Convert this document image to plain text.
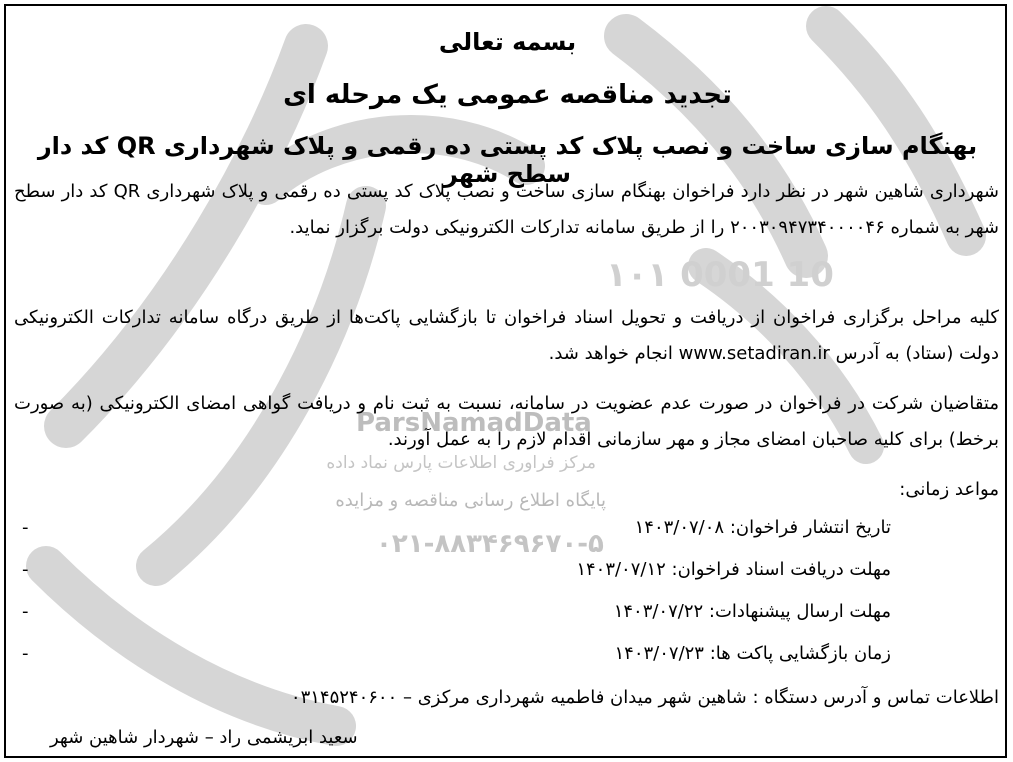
ParsNamadData
۱۰۱ 0001 10
مرکز فراوری اطلاعات پارس نماد داده
پایگاه اطلاع رسانی مناقصه و مزایده
۰۲۱-۸۸۳۴۶۹۶۷۰-۵

بسمه تعالی

تجدید مناقصه عمومی یک مرحله ای

بهنگام سازی ساخت و نصب پلاک کد پستی ده رقمی و پلاک شهرداری QR کد دار سطح شهر

شهرداری شاهین شهر در نظر دارد فراخوان بهنگام سازی ساخت و نصب پلاک کد پستی ده رقمی و پلاک شهرداری QR کد دار سطح شهر به شماره ۲۰۰۳۰۹۴۷۳۴۰۰۰۰۴۶ را از طریق سامانه تدارکات الکترونیکی دولت برگزار نماید.
کلیه مراحل برگزاری فراخوان از دریافت و تحویل اسناد فراخوان تا بازگشایی پاکت‌ها از طریق درگاه سامانه تدارکات الکترونیکی دولت (ستاد) به آدرس www.setadiran.ir انجام خواهد شد.
متقاضیان شرکت در فراخوان در صورت عدم عضویت در سامانه، نسبت به ثبت نام و دریافت گواهی امضای الکترونیکی (به صورت برخط) برای کلیه صاحبان امضای مجاز و مهر سازمانی اقدام لازم را به عمل آورند.
مواعد زمانی:
-	تاریخ انتشار فراخوان: ۱۴۰۳/۰۷/۰۸
-	مهلت دریافت اسناد فراخوان: ۱۴۰۳/۰۷/۱۲
-	مهلت ارسال پیشنهادات: ۱۴۰۳/۰۷/۲۲
-	زمان بازگشایی پاکت ها: ۱۴۰۳/۰۷/۲۳
اطلاعات تماس و آدرس دستگاه : شاهین شهر میدان فاطمیه شهرداری مرکزی – ۰۳۱۴۵۲۴۰۶۰۰
سعید ابریشمی راد – شهردار شاهین شهر
